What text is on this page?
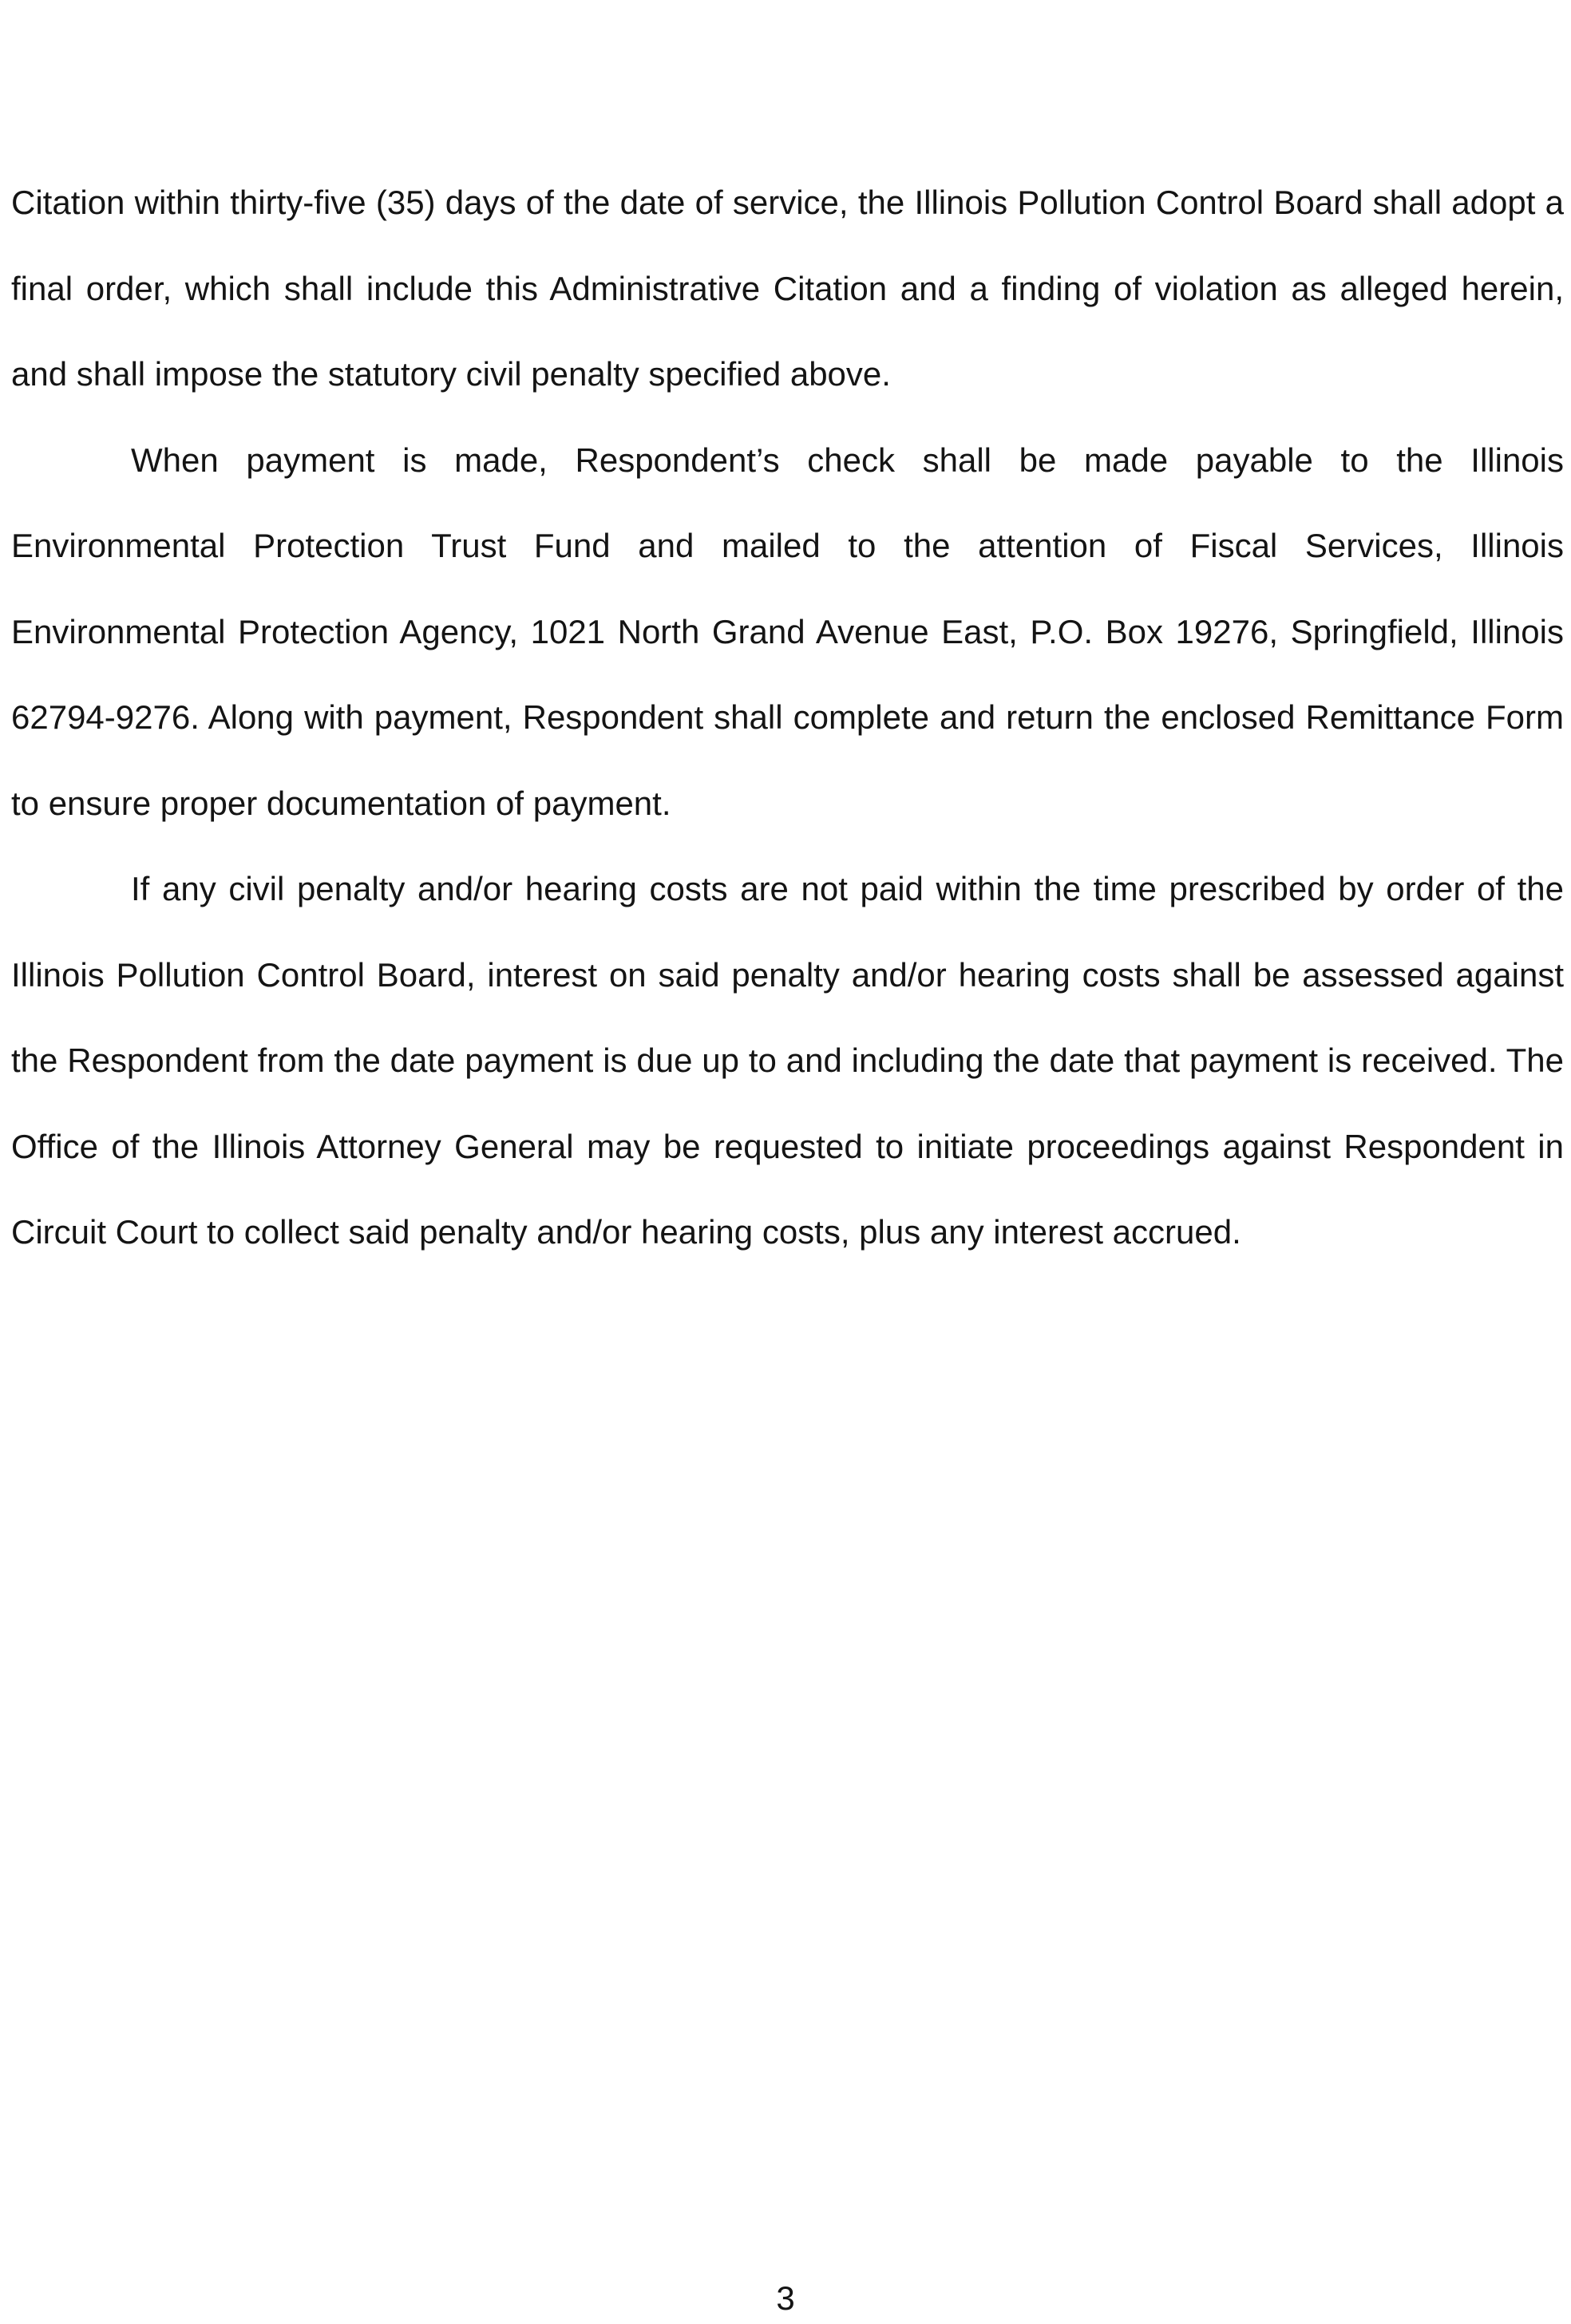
Citation within thirty-five (35) days of the date of service, the Illinois Pollution Control Board shall adopt a final order, which shall include this Administrative Citation and a finding of violation as alleged herein, and shall impose the statutory civil penalty specified above.

When payment is made, Respondent’s check shall be made payable to the Illinois Environmental Protection Trust Fund and mailed to the attention of Fiscal Services, Illinois Environmental Protection Agency, 1021 North Grand Avenue East, P.O. Box 19276, Springfield, Illinois 62794-9276. Along with payment, Respondent shall complete and return the enclosed Remittance Form to ensure proper documentation of payment.

If any civil penalty and/or hearing costs are not paid within the time prescribed by order of the Illinois Pollution Control Board, interest on said penalty and/or hearing costs shall be assessed against the Respondent from the date payment is due up to and including the date that payment is received. The Office of the Illinois Attorney General may be requested to initiate proceedings against Respondent in Circuit Court to collect said penalty and/or hearing costs, plus any interest accrued.

3
